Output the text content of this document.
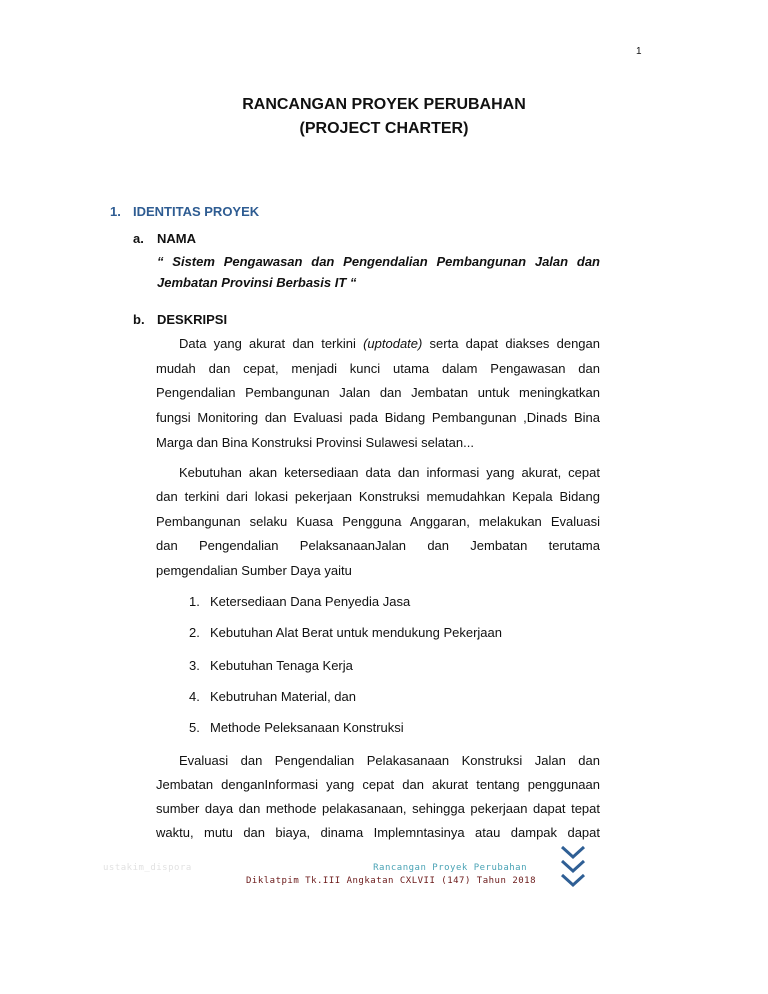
1
RANCANGAN PROYEK PERUBAHAN
(PROJECT CHARTER)
1. IDENTITAS PROYEK
a. NAMA
“ Sistem Pengawasan dan Pengendalian Pembangunan Jalan dan
Jembatan Provinsi Berbasis IT “
b. DESKRIPSI
Data yang akurat dan terkini (uptodate) serta dapat diakses dengan
mudah dan cepat, menjadi kunci utama dalam Pengawasan dan
Pengendalian Pembangunan Jalan dan Jembatan untuk meningkatkan
fungsi Monitoring dan Evaluasi pada Bidang Pembangunan ,Dinads Bina
Marga dan Bina Konstruksi Provinsi Sulawesi selatan...
Kebutuhan akan ketersediaan data dan informasi yang akurat, cepat
dan terkini dari lokasi pekerjaan Konstruksi memudahkan Kepala Bidang
Pembangunan selaku Kuasa Pengguna Anggaran, melakukan Evaluasi
dan Pengendalian PelaksanaanJalan dan Jembatan terutama
pemgendalian Sumber Daya yaitu
1. Ketersediaan Dana Penyedia Jasa
2. Kebutuhan Alat Berat untuk mendukung Pekerjaan
3. Kebutuhan Tenaga Kerja
4. Kebutruhan Material, dan
5. Methode Peleksanaan Konstruksi
Evaluasi dan Pengendalian Pelakasanaan Konstruksi Jalan dan
Jembatan denganInformasi yang cepat dan akurat tentang penggunaan
sumber daya dan methode pelakasanaan, sehingga pekerjaan dapat tepat
waktu, mutu dan biaya, dinama Implemntasinya atau dampak dapat
ustakim_dispora	Rancangan Proyek Perubahan
Diklatpim Tk.III Angkatan CXLVII (147) Tahun 2018
